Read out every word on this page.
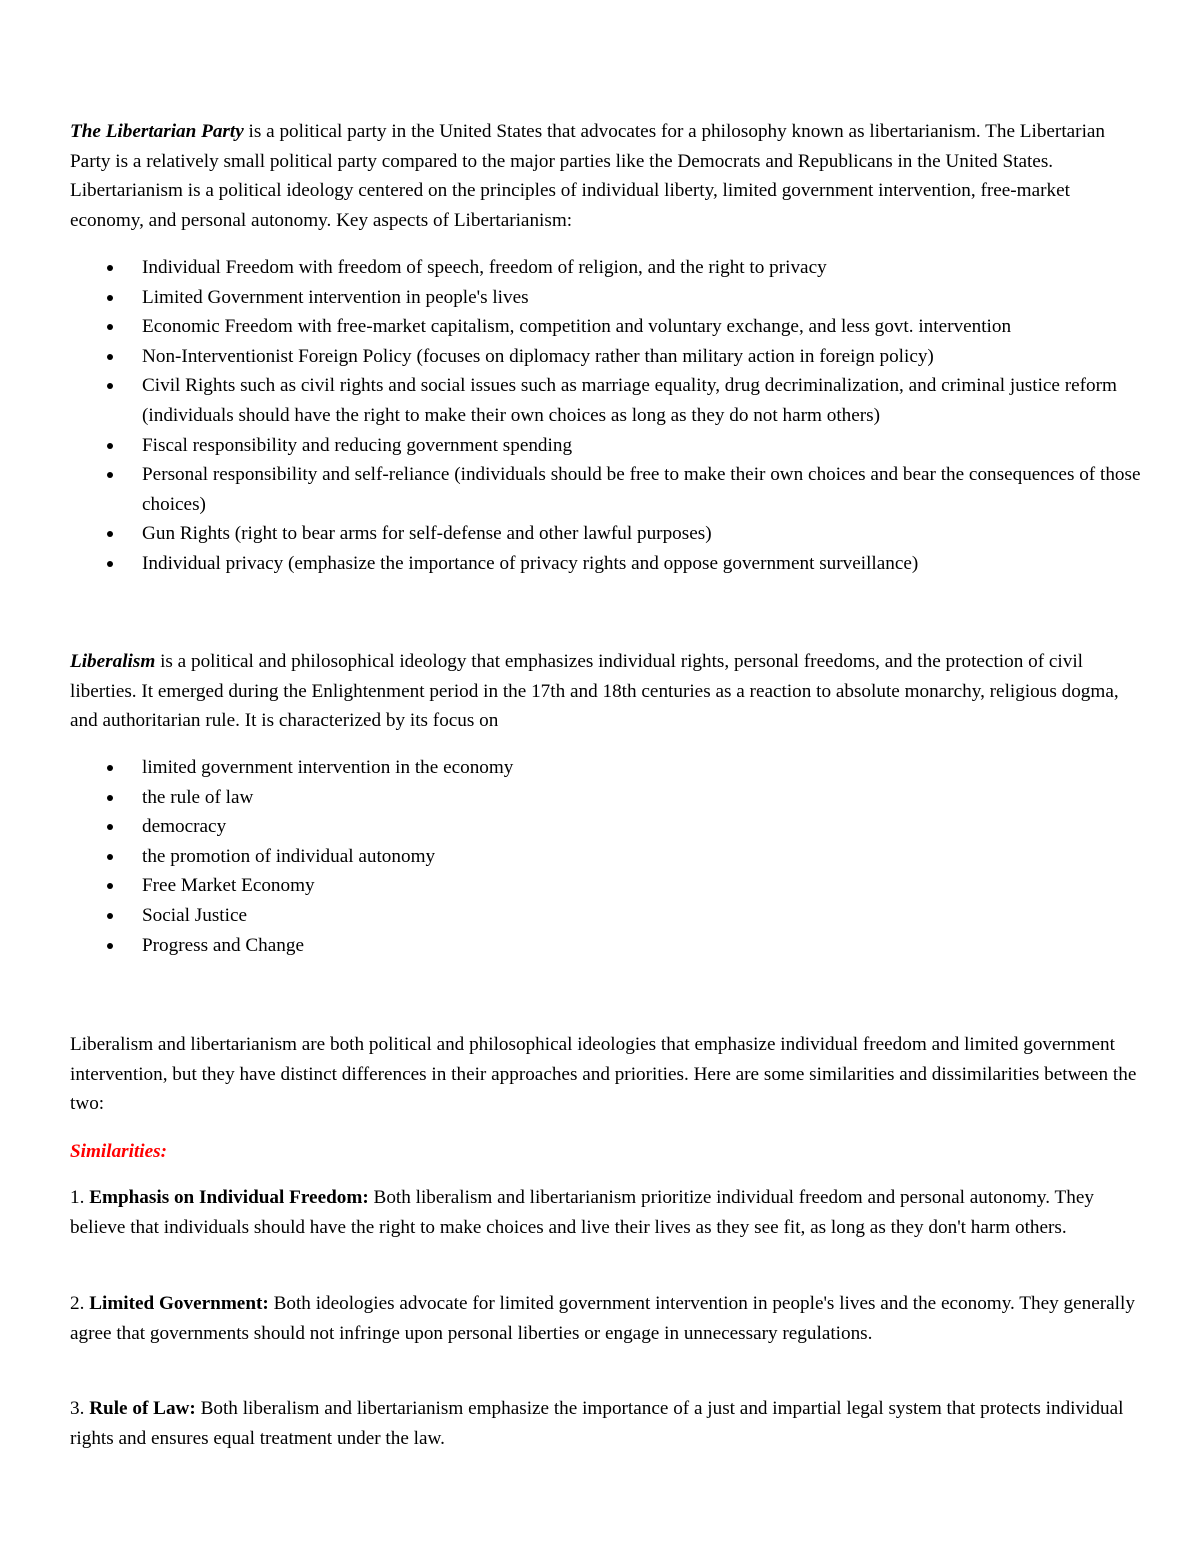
The Libertarian Party is a political party in the United States that advocates for a philosophy known as libertarianism. The Libertarian Party is a relatively small political party compared to the major parties like the Democrats and Republicans in the United States. Libertarianism is a political ideology centered on the principles of individual liberty, limited government intervention, free-market economy, and personal autonomy. Key aspects of Libertarianism:

Individual Freedom with freedom of speech, freedom of religion, and the right to privacy
Limited Government intervention in people's lives
Economic Freedom with free-market capitalism, competition and voluntary exchange, and less govt. intervention
Non-Interventionist Foreign Policy (focuses on diplomacy rather than military action in foreign policy)
Civil Rights such as civil rights and social issues such as marriage equality, drug decriminalization, and criminal justice reform (individuals should have the right to make their own choices as long as they do not harm others)
Fiscal responsibility and reducing government spending
Personal responsibility and self-reliance (individuals should be free to make their own choices and bear the consequences of those choices)
Gun Rights (right to bear arms for self-defense and other lawful purposes)
Individual privacy (emphasize the importance of privacy rights and oppose government surveillance)

Liberalism is a political and philosophical ideology that emphasizes individual rights, personal freedoms, and the protection of civil liberties. It emerged during the Enlightenment period in the 17th and 18th centuries as a reaction to absolute monarchy, religious dogma, and authoritarian rule. It is characterized by its focus on

limited government intervention in the economy
the rule of law
democracy
the promotion of individual autonomy
Free Market Economy
Social Justice
Progress and Change

Liberalism and libertarianism are both political and philosophical ideologies that emphasize individual freedom and limited government intervention, but they have distinct differences in their approaches and priorities. Here are some similarities and dissimilarities between the two:

Similarities:

1. Emphasis on Individual Freedom: Both liberalism and libertarianism prioritize individual freedom and personal autonomy. They believe that individuals should have the right to make choices and live their lives as they see fit, as long as they don't harm others.

2. Limited Government: Both ideologies advocate for limited government intervention in people's lives and the economy. They generally agree that governments should not infringe upon personal liberties or engage in unnecessary regulations.

3. Rule of Law: Both liberalism and libertarianism emphasize the importance of a just and impartial legal system that protects individual rights and ensures equal treatment under the law.
